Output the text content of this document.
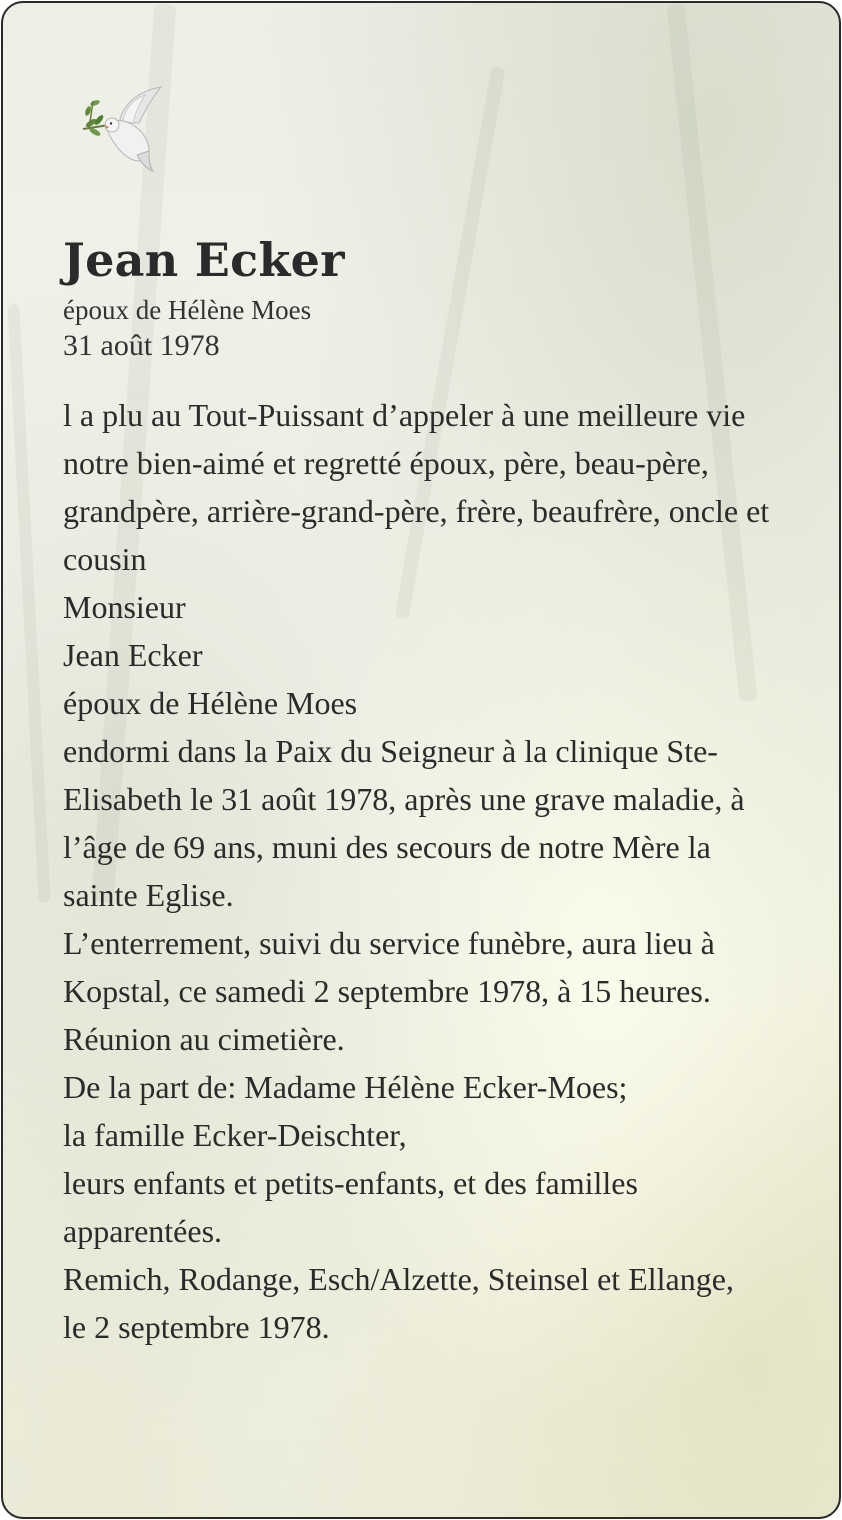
Jean Ecker
époux de Hélène Moes
31 août 1978

l a plu au Tout-Puissant d’appeler à une meilleure vie notre bien-aimé et regretté époux, père, beau-père, grandpère, arrière-grand-père, frère, beaufrère, oncle et cousin

Monsieur

Jean Ecker

époux de Hélène Moes

endormi dans la Paix du Seigneur à la clinique Ste-Elisabeth le 31 août 1978, après une grave maladie, à l’âge de 69 ans, muni des secours de notre Mère la sainte Eglise.

L’enterrement, suivi du service funèbre, aura lieu à Kopstal, ce samedi 2 septembre 1978, à 15 heures.

Réunion au cimetière.

De la part de: Madame Hélène Ecker-Moes;

la famille Ecker-Deischter,

leurs enfants et petits-enfants, et des familles apparentées.

Remich, Rodange, Esch/Alzette, Steinsel et Ellange,

le 2 septembre 1978.
